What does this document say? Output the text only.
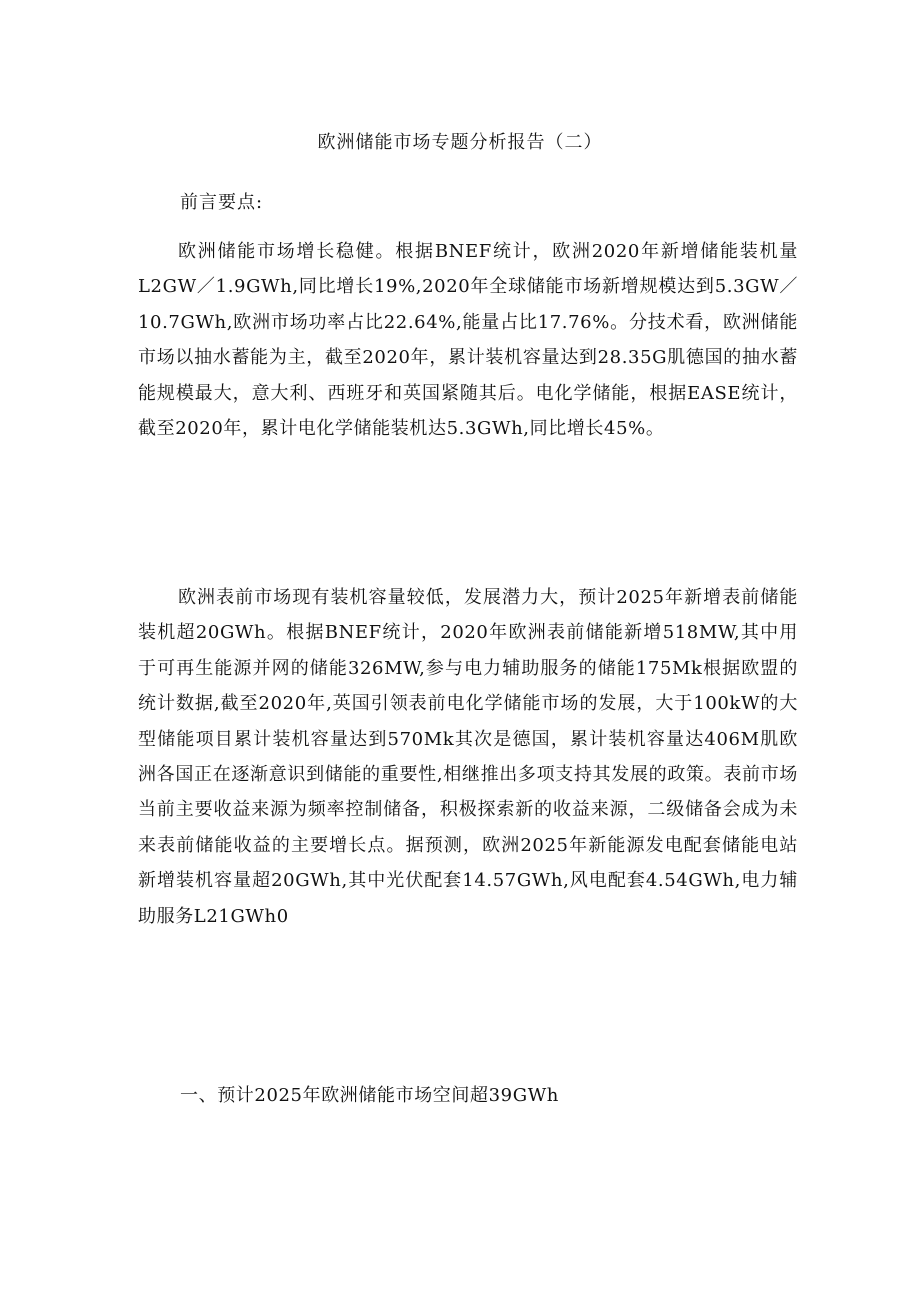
欧洲储能市场专题分析报告（二）
前言要点:

欧洲储能市场增长稳健。根据BNEF统计，欧洲2020年新增储能装机量L2GW／1.9GWh,同比增长19%,2020年全球储能市场新增规模达到5.3GW／10.7GWh,欧洲市场功率占比22.64%,能量占比17.76%。分技术看，欧洲储能市场以抽水蓄能为主，截至2020年，累计装机容量达到28.35G肌德国的抽水蓄能规模最大，意大利、西班牙和英国紧随其后。电化学储能，根据EASE统计，截至2020年，累计电化学储能装机达5.3GWh,同比增长45%。

欧洲表前市场现有装机容量较低，发展潜力大，预计2025年新增表前储能装机超20GWh。根据BNEF统计，2020年欧洲表前储能新增518MW,其中用于可再生能源并网的储能326MW,参与电力辅助服务的储能175Mk根据欧盟的统计数据,截至2020年,英国引领表前电化学储能市场的发展，大于100kW的大型储能项目累计装机容量达到570Mk其次是德国，累计装机容量达406M肌欧洲各国正在逐渐意识到储能的重要性,相继推出多项支持其发展的政策。表前市场当前主要收益来源为频率控制储备，积极探索新的收益来源，二级储备会成为未来表前储能收益的主要增长点。据预测，欧洲2025年新能源发电配套储能电站新增装机容量超20GWh,其中光伏配套14.57GWh,风电配套4.54GWh,电力辅助服务L21GWh0

一、预计2025年欧洲储能市场空间超39GWh
